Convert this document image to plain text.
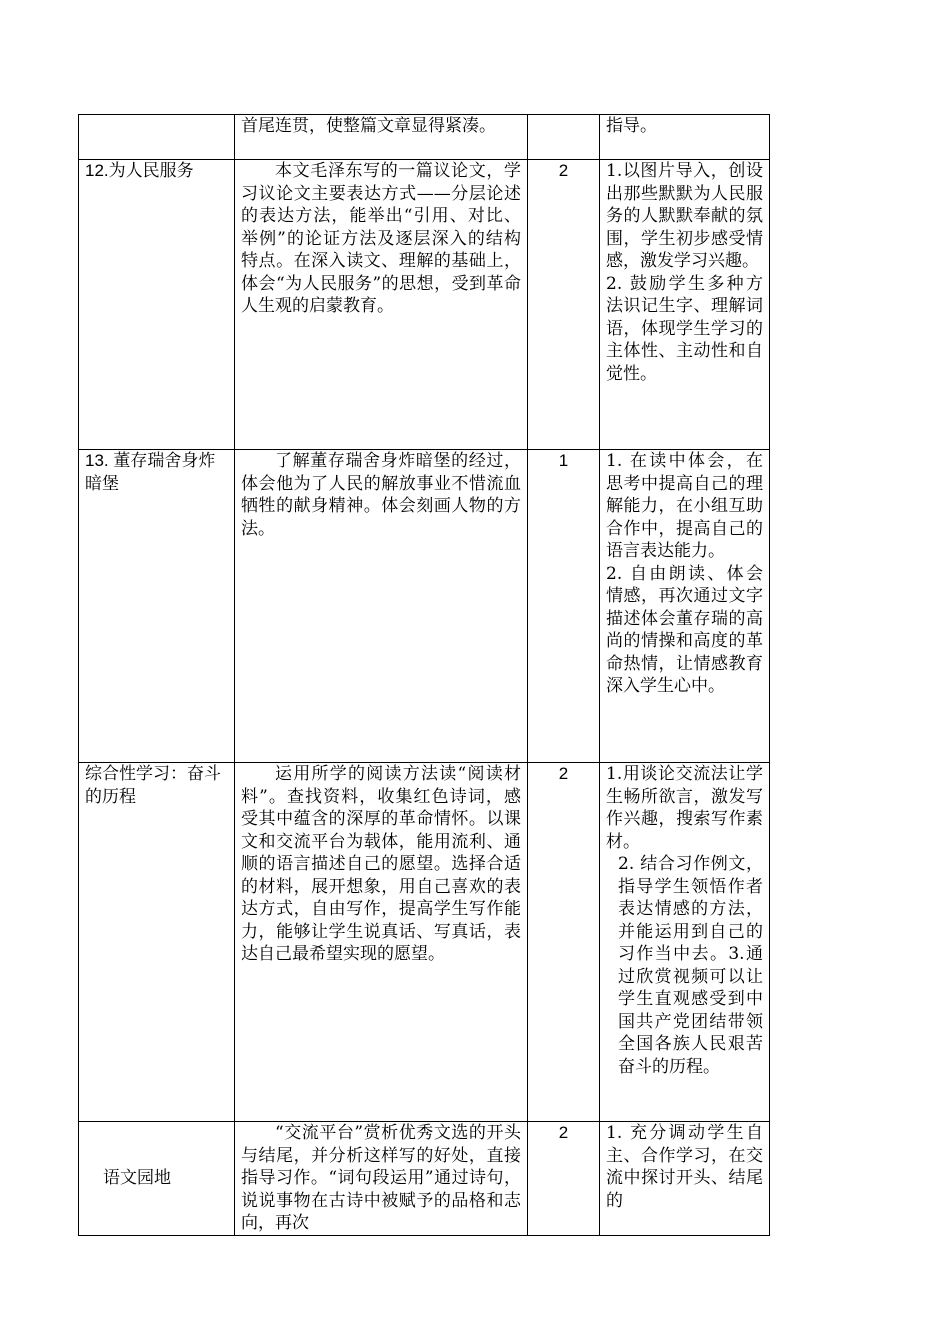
	首尾连贯，使整篇文章显得紧凑。		指导。

12.为人民服务	本文毛泽东写的一篇议论文，学习议论文主要表达方式——分层论述的表达方法，能举出“引用、对比、举例”的论证方法及逐层深入的结构特点。在深入读文、理解的基础上，体会“为人民服务”的思想，受到革命人生观的启蒙教育。	2	1.以图片导入，创设出那些默默为人民服务的人默默奉献的氛围，学生初步感受情感，激发学习兴趣。
2. 鼓励学生多种方法识记生字、理解词语，体现学生学习的主体性、主动性和自觉性。

13. 董存瑞舍身炸暗堡	了解董存瑞舍身炸暗堡的经过，体会他为了人民的解放事业不惜流血牺牲的献身精神。体会刻画人物的方法。	1	1. 在读中体会，在思考中提高自己的理解能力，在小组互助合作中，提高自己的语言表达能力。
2. 自由朗读、体会情感，再次通过文字描述体会董存瑞的高尚的情操和高度的革命热情，让情感教育深入学生心中。

综合性学习：奋斗的历程	运用所学的阅读方法读“阅读材料”。查找资料，收集红色诗词，感受其中蕴含的深厚的革命情怀。以课文和交流平台为载体，能用流利、通顺的语言描述自己的愿望。选择合适的材料，展开想象，用自己喜欢的表达方式，自由写作，提高学生写作能力，能够让学生说真话、写真话，表达自己最希望实现的愿望。	2	1.用谈论交流法让学生畅所欲言，激发写作兴趣，搜索写作素材。
2. 结合习作例文，指导学生领悟作者表达情感的方法，并能运用到自己的习作当中去。3.通过欣赏视频可以让学生直观感受到中国共产党团结带领全国各族人民艰苦奋斗的历程。

语文园地	“交流平台”赏析优秀文选的开头与结尾，并分析这样写的好处，直接指导习作。“词句段运用”通过诗句，说说事物在古诗中被赋予的品格和志向，再次	2	1. 充分调动学生自主、合作学习，在交流中探讨开头、结尾的
